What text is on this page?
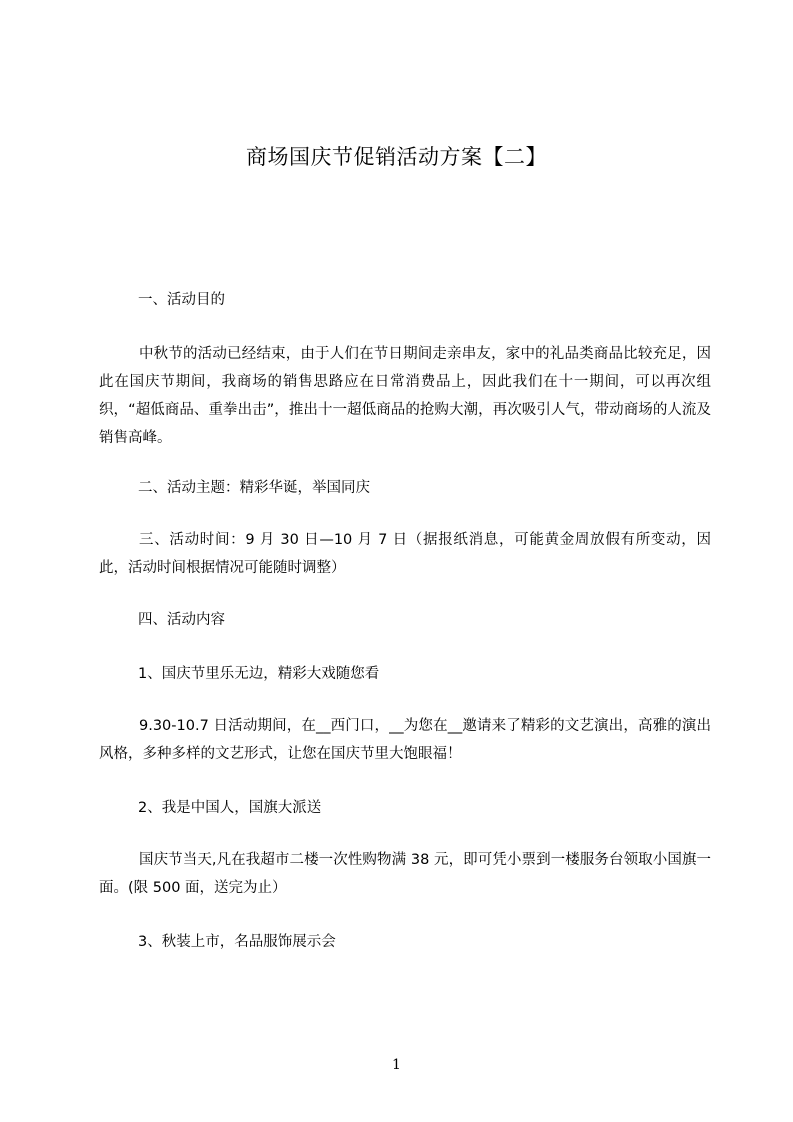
商场国庆节促销活动方案【二】
一、活动目的
中秋节的活动已经结束，由于人们在节日期间走亲串友，家中的礼品类商品比较充足，因此在国庆节期间，我商场的销售思路应在日常消费品上，因此我们在十一期间，可以再次组织，“超低商品、重拳出击”，推出十一超低商品的抢购大潮，再次吸引人气，带动商场的人流及销售高峰。
二、活动主题：精彩华诞，举国同庆
三、活动时间：9 月 30 日—10 月 7 日（据报纸消息，可能黄金周放假有所变动，因此，活动时间根据情况可能随时调整）
四、活动内容
1、国庆节里乐无边，精彩大戏随您看
9.30-10.7 日活动期间，在__西门口，__为您在__邀请来了精彩的文艺演出，高雅的演出风格，多种多样的文艺形式，让您在国庆节里大饱眼福！
2、我是中国人，国旗大派送
国庆节当天,凡在我超市二楼一次性购物满 38 元，即可凭小票到一楼服务台领取小国旗一面。(限 500 面，送完为止）
3、秋装上市，名品服饰展示会
1
